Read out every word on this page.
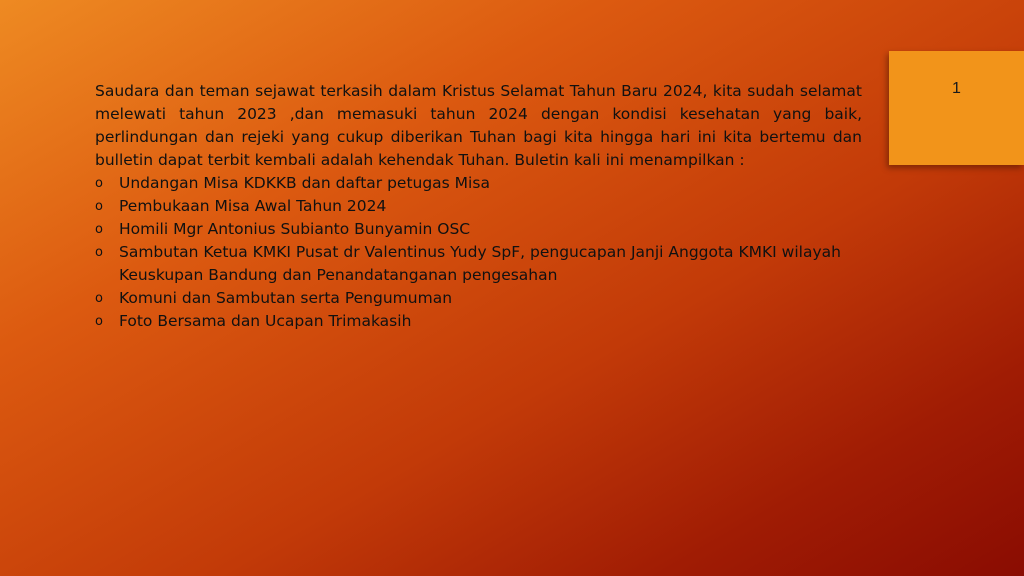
Saudara dan teman sejawat terkasih dalam Kristus Selamat Tahun Baru 2024, kita sudah selamat melewati tahun 2023 ,dan memasuki tahun 2024 dengan kondisi kesehatan yang baik, perlindungan dan rejeki yang cukup diberikan Tuhan bagi kita hingga hari ini kita bertemu dan bulletin dapat terbit kembali adalah kehendak Tuhan. Buletin kali ini menampilkan :

o Undangan Misa KDKKB dan daftar petugas Misa
o Pembukaan Misa Awal Tahun 2024
o Homili Mgr Antonius Subianto Bunyamin OSC
o Sambutan Ketua KMKI Pusat dr Valentinus Yudy SpF, pengucapan Janji Anggota KMKI wilayah Keuskupan Bandung dan Penandatanganan pengesahan
o Komuni dan Sambutan serta Pengumuman
o Foto Bersama dan Ucapan Trimakasih
1
